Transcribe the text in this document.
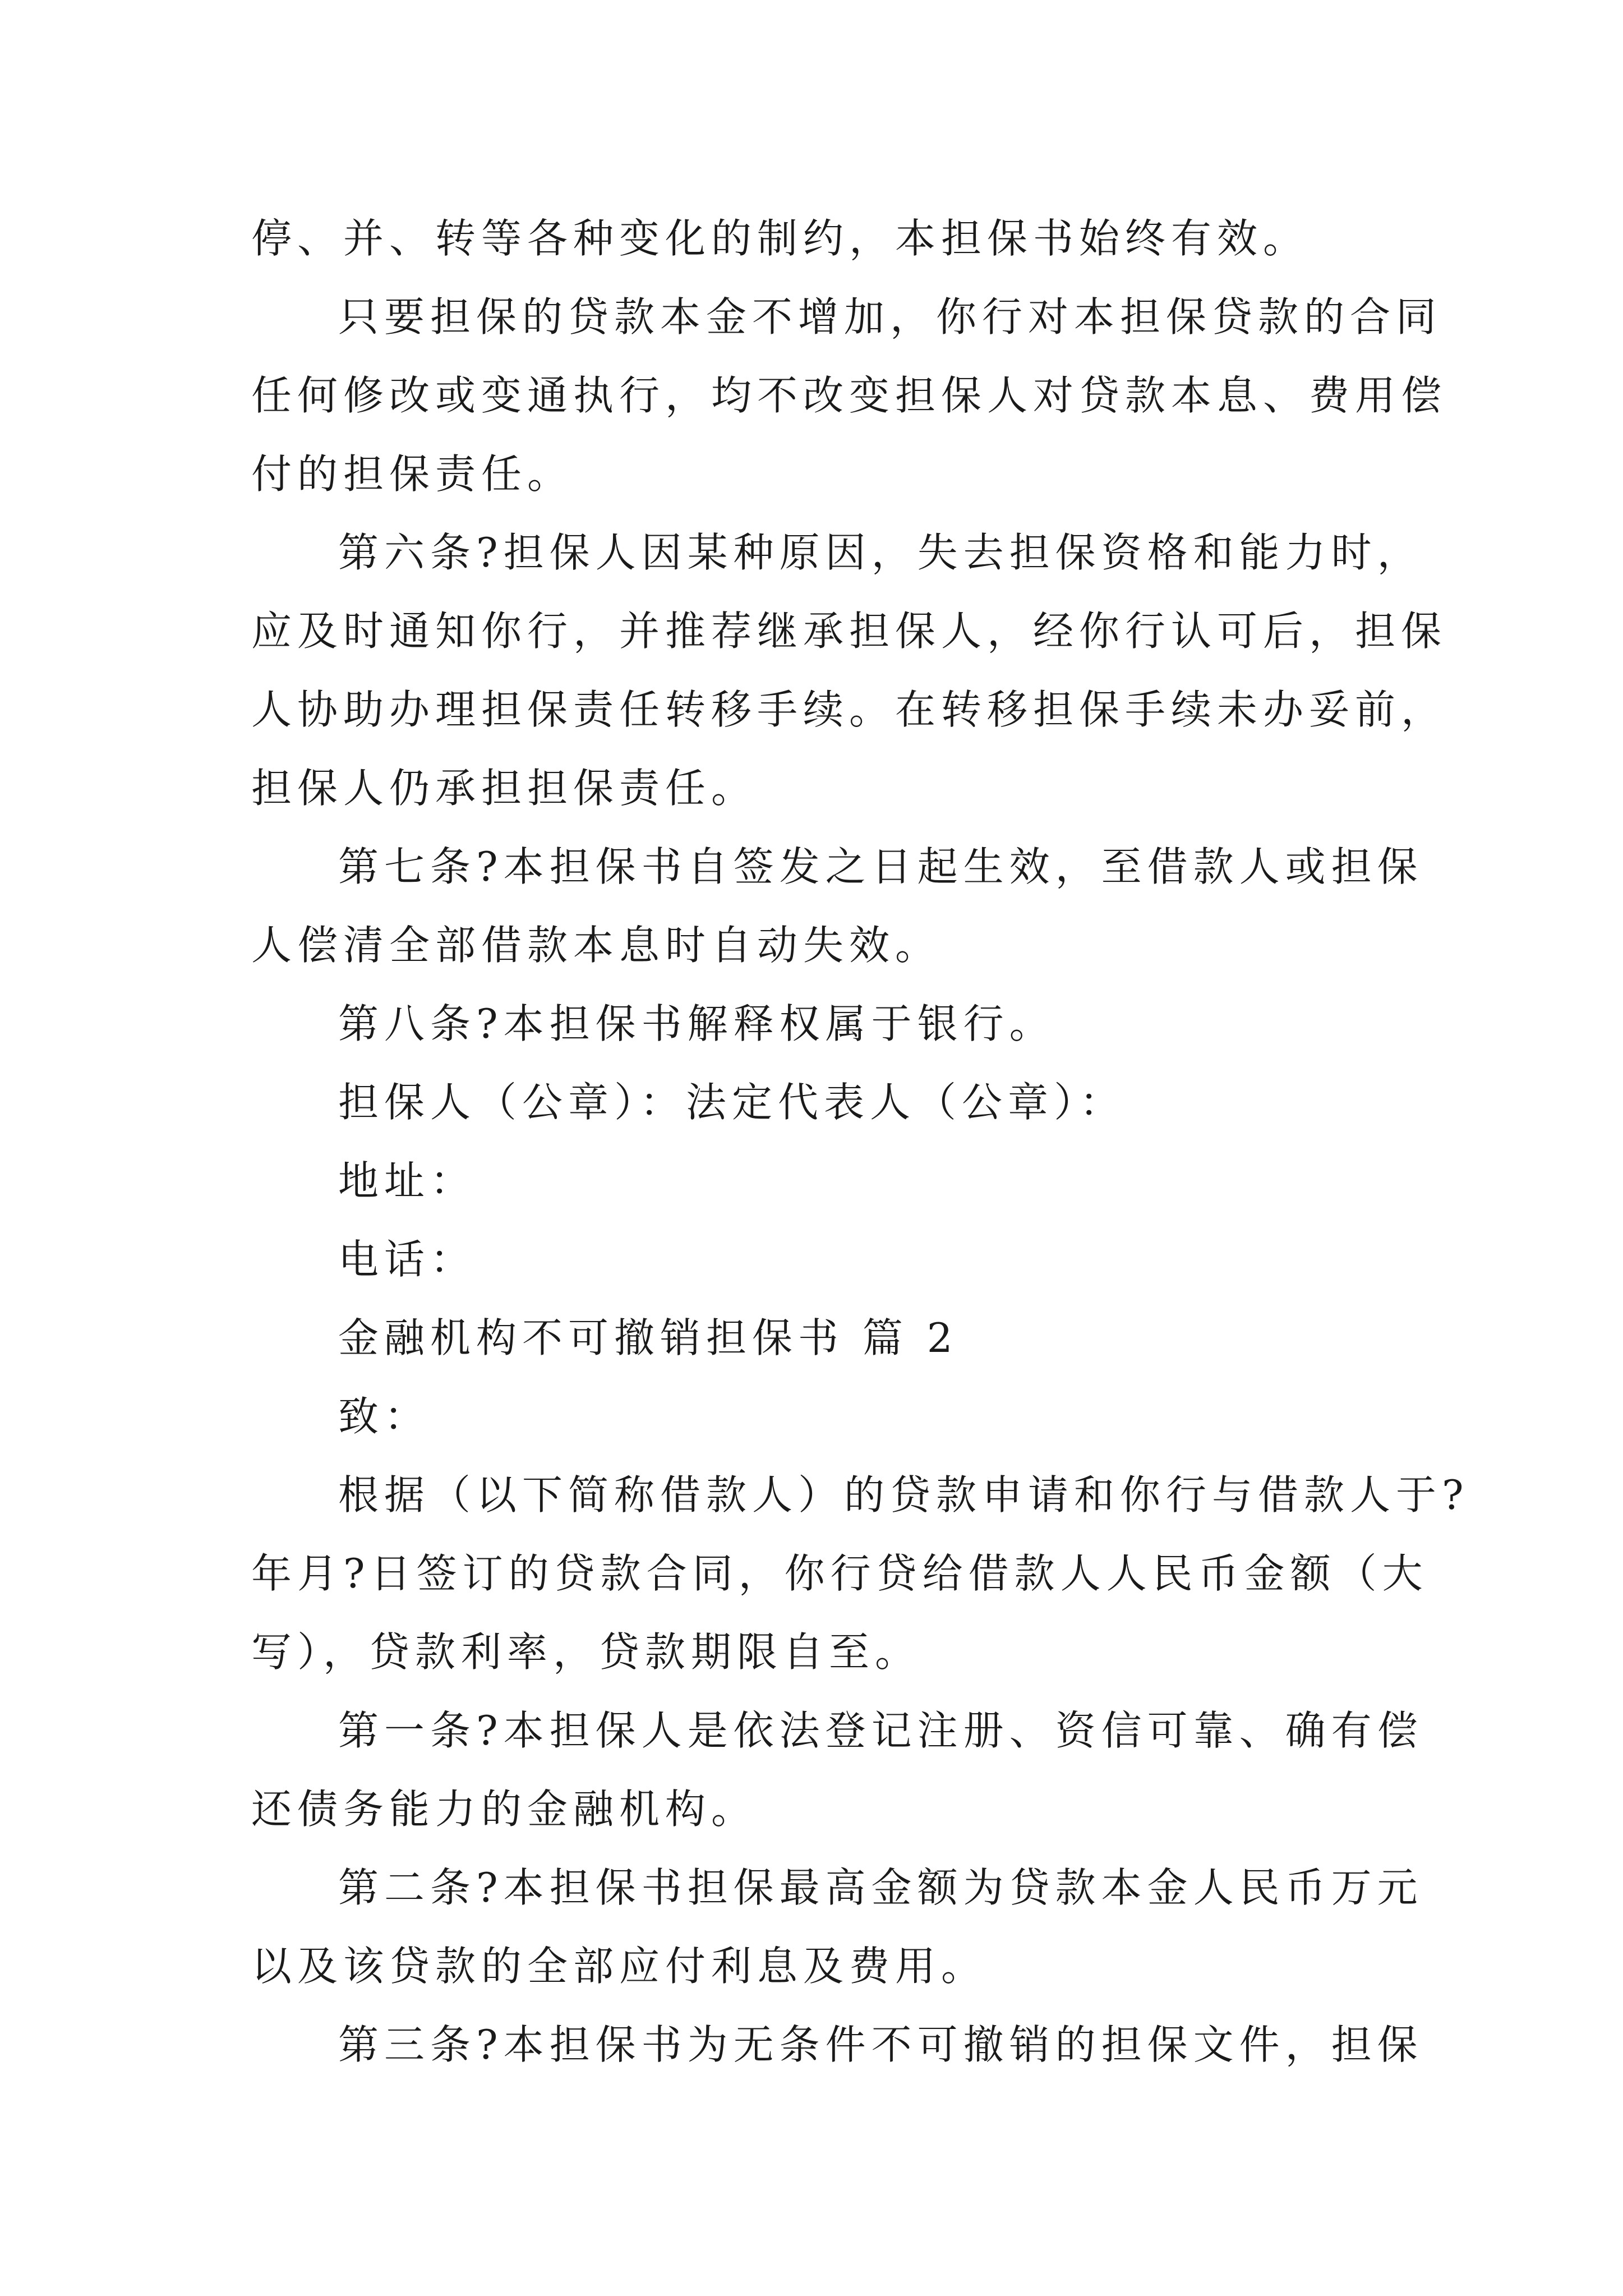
停、并、转等各种变化的制约，本担保书始终有效。
只要担保的贷款本金不增加，你行对本担保贷款的合同
任何修改或变通执行，均不改变担保人对贷款本息、费用偿
付的担保责任。
第六条?担保人因某种原因，失去担保资格和能力时，
应及时通知你行，并推荐继承担保人，经你行认可后，担保
人协助办理担保责任转移手续。在转移担保手续未办妥前，
担保人仍承担担保责任。
第七条?本担保书自签发之日起生效，至借款人或担保
人偿清全部借款本息时自动失效。
第八条?本担保书解释权属于银行。
担保人（公章）：法定代表人（公章）：
地址：
电话：
金融机构不可撤销担保书 篇 2
致：
根据（以下简称借款人）的贷款申请和你行与借款人于?
年月?日签订的贷款合同，你行贷给借款人人民币金额（大
写），贷款利率，贷款期限自至。
第一条?本担保人是依法登记注册、资信可靠、确有偿
还债务能力的金融机构。
第二条?本担保书担保最高金额为贷款本金人民币万元
以及该贷款的全部应付利息及费用。
第三条?本担保书为无条件不可撤销的担保文件，担保
